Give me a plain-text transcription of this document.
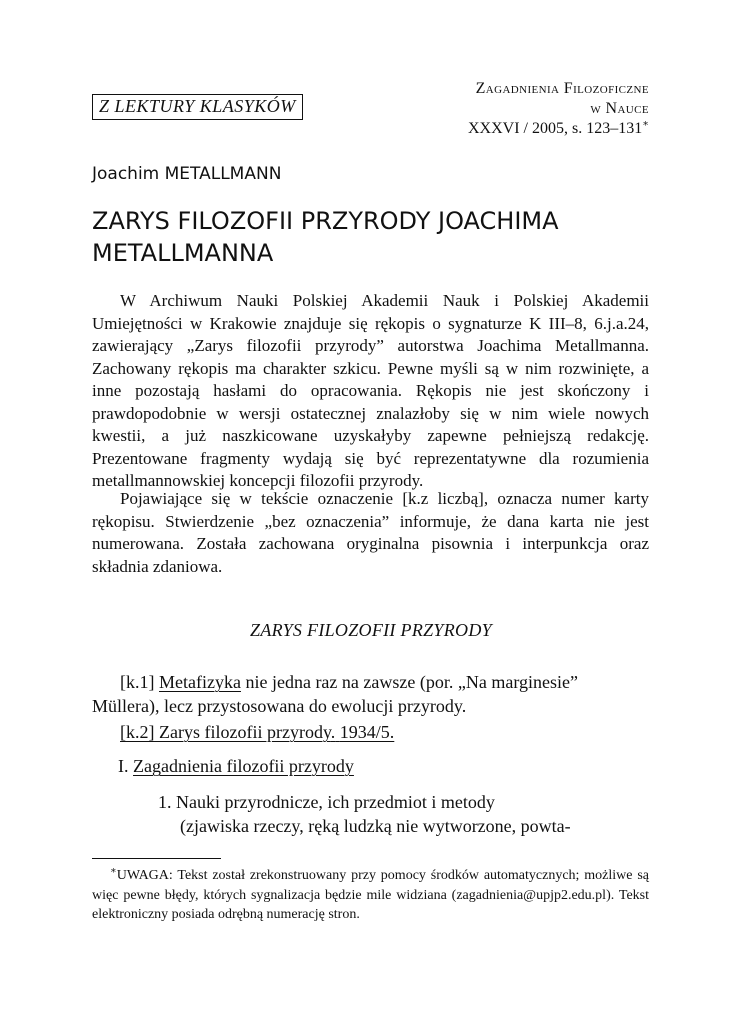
Z LEKTURY KLASYKÓW
Zagadnienia Filozoficzne
w Nauce
XXXVI / 2005, s. 123–131∗
Joachim METALLMANN
ZARYS FILOZOFII PRZYRODY JOACHIMA METALLMANNA

W Archiwum Nauki Polskiej Akademii Nauk i Polskiej Akademii Umiejętności w Krakowie znajduje się rękopis o sygnaturze K III–8, 6.j.a.24, zawierający „Zarys filozofii przyrody” autorstwa Joachima Metallmanna. Zachowany rękopis ma charakter szkicu. Pewne myśli są w nim rozwinięte, a inne pozostają hasłami do opracowania. Rękopis nie jest skończony i prawdopodobnie w wersji ostatecznej znalazłoby się w nim wiele nowych kwestii, a już naszkicowane uzyskałyby zapewne pełniejszą redakcję. Prezentowane fragmenty wydają się być reprezentatywne dla rozumienia metallmannowskiej koncepcji filozofii przyrody.

Pojawiające się w tekście oznaczenie [k.z liczbą], oznacza numer karty rękopisu. Stwierdzenie „bez oznaczenia” informuje, że dana karta nie jest numerowana. Została zachowana oryginalna pisownia i interpunkcja oraz składnia zdaniowa.

ZARYS FILOZOFII PRZYRODY
[k.1] Metafizyka nie jedna raz na zawsze (por. „Na marginesie”
Müllera), lecz przystosowana do ewolucji przyrody.
[k.2] Zarys filozofii przyrody. 1934/5.
I. Zagadnienia filozofii przyrody
1. Nauki przyrodnicze, ich przedmiot i metody
(zjawiska rzeczy, ręką ludzką nie wytworzone, powta-

∗UWAGA: Tekst został zrekonstruowany przy pomocy środków automatycznych; możliwe są więc pewne błędy, których sygnalizacja będzie mile widziana (zagadnienia@upjp2.edu.pl). Tekst elektroniczny posiada odrębną numerację stron.
